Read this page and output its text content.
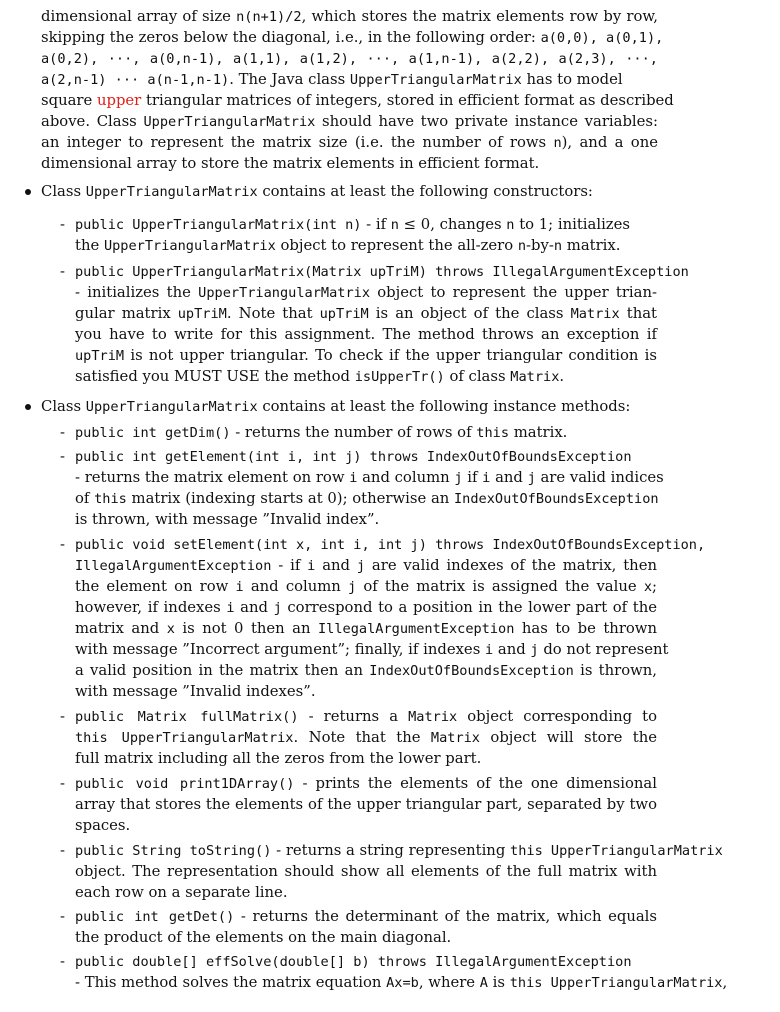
dimensional array of size n(n+1)/2, which stores the matrix elements row by row,
skipping the zeros below the diagonal, i.e., in the following order: a(0,0), a(0,1),
a(0,2), ···, a(0,n-1), a(1,1), a(1,2), ···, a(1,n-1), a(2,2), a(2,3), ···,
a(2,n-1) ··· a(n-1,n-1). The Java class UpperTriangularMatrix has to model
square upper triangular matrices of integers, stored in efficient format as described
above. Class UpperTriangularMatrix should have two private instance variables:
an integer to represent the matrix size (i.e. the number of rows n), and a one
dimensional array to store the matrix elements in efficient format.
Class UpperTriangularMatrix contains at least the following constructors:
- public UpperTriangularMatrix(int n) - if n ≤ 0, changes n to 1; initializes
the UpperTriangularMatrix object to represent the all-zero n-by-n matrix.
- public UpperTriangularMatrix(Matrix upTriM) throws IllegalArgumentException
- initializes the UpperTriangularMatrix object to represent the upper trian-
gular matrix upTriM. Note that upTriM is an object of the class Matrix that
you have to write for this assignment. The method throws an exception if
upTriM is not upper triangular. To check if the upper triangular condition is
satisfied you MUST USE the method isUpperTr() of class Matrix.
Class UpperTriangularMatrix contains at least the following instance methods:
- public int getDim() - returns the number of rows of this matrix.
- public int getElement(int i, int j) throws IndexOutOfBoundsException
- returns the matrix element on row i and column j if i and j are valid indices
of this matrix (indexing starts at 0); otherwise an IndexOutOfBoundsException
is thrown, with message ”Invalid index”.
- public void setElement(int x, int i, int j) throws IndexOutOfBoundsException,
IllegalArgumentException - if i and j are valid indexes of the matrix, then
the element on row i and column j of the matrix is assigned the value x;
however, if indexes i and j correspond to a position in the lower part of the
matrix and x is not 0 then an IllegalArgumentException has to be thrown
with message ”Incorrect argument”; finally, if indexes i and j do not represent
a valid position in the matrix then an IndexOutOfBoundsException is thrown,
with message ”Invalid indexes”.
- public Matrix fullMatrix() - returns a Matrix object corresponding to
this UpperTriangularMatrix. Note that the Matrix object will store the
full matrix including all the zeros from the lower part.
- public void print1DArray() - prints the elements of the one dimensional
array that stores the elements of the upper triangular part, separated by two
spaces.
- public String toString() - returns a string representing this UpperTriangularMatrix
object. The representation should show all elements of the full matrix with
each row on a separate line.
- public int getDet() - returns the determinant of the matrix, which equals
the product of the elements on the main diagonal.
- public double[] effSolve(double[] b) throws IllegalArgumentException
- This method solves the matrix equation Ax=b, where A is this UpperTriangularMatrix,
